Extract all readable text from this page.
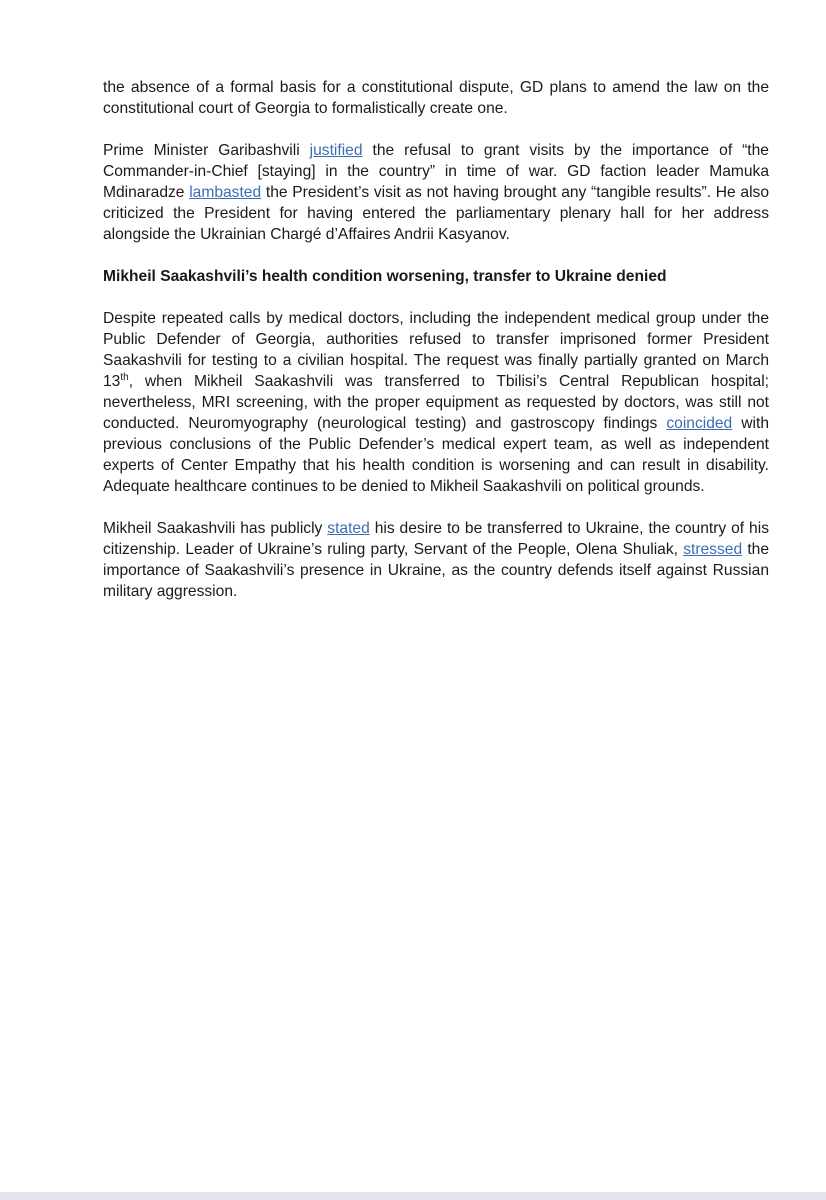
the absence of a formal basis for a constitutional dispute, GD plans to amend the law on the constitutional court of Georgia to formalistically create one.

Prime Minister Garibashvili justified the refusal to grant visits by the importance of “the Commander-in-Chief [staying] in the country” in time of war. GD faction leader Mamuka Mdinaradze lambasted the President’s visit as not having brought any “tangible results”. He also criticized the President for having entered the parliamentary plenary hall for her address alongside the Ukrainian Chargé d’Affaires Andrii Kasyanov.

Mikheil Saakashvili’s health condition worsening, transfer to Ukraine denied

Despite repeated calls by medical doctors, including the independent medical group under the Public Defender of Georgia, authorities refused to transfer imprisoned former President Saakashvili for testing to a civilian hospital. The request was finally partially granted on March 13th, when Mikheil Saakashvili was transferred to Tbilisi’s Central Republican hospital; nevertheless, MRI screening, with the proper equipment as requested by doctors, was still not conducted. Neuromyography (neurological testing) and gastroscopy findings coincided with previous conclusions of the Public Defender’s medical expert team, as well as independent experts of Center Empathy that his health condition is worsening and can result in disability. Adequate healthcare continues to be denied to Mikheil Saakashvili on political grounds.

Mikheil Saakashvili has publicly stated his desire to be transferred to Ukraine, the country of his citizenship. Leader of Ukraine’s ruling party, Servant of the People, Olena Shuliak, stressed the importance of Saakashvili’s presence in Ukraine, as the country defends itself against Russian military aggression.
